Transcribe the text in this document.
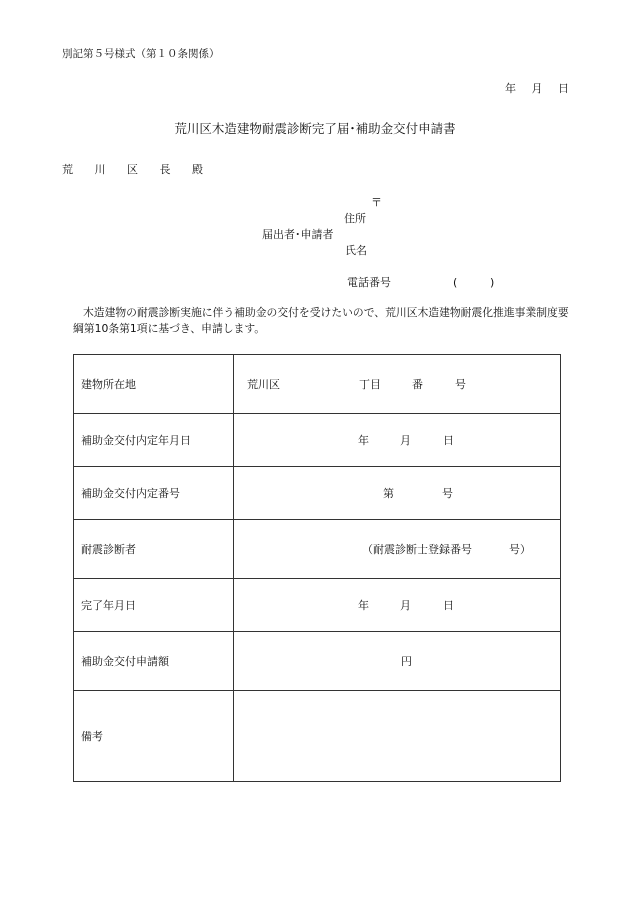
別記第５号様式（第１０条関係）
年 月 日
荒川区木造建物耐震診断完了届･補助金交付申請書
荒 川 区 長 殿
〒
住所
届出者･申請者
氏名
電話番号	(	)
木造建物の耐震診断実施に伴う補助金の交付を受けたいので、荒川区木造建物耐震化推進事業制度要綱第10条第1項に基づき、申請します。
建物所在地	荒川区 丁目 番 号

補助金交付内定年月日	年 月 日

補助金交付内定番号	第 号

耐震診断者	（耐震診断士登録番号 号）

完了年月日	年 月 日

補助金交付申請額	円

備考	
